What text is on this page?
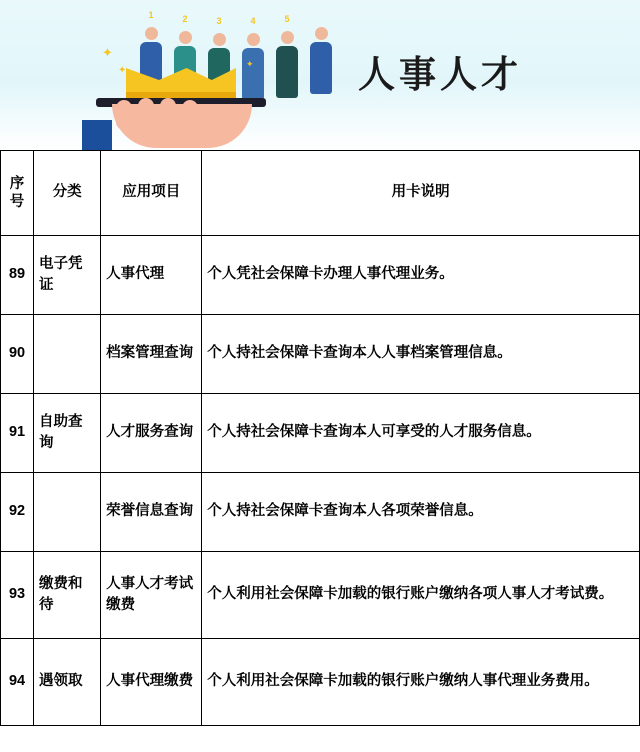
1	2	3	4	5
✦
✦
✦	人事人才
序
号	分类	应用项目	用卡说明
89	电子凭证	人事代理	个人凭社会保障卡办理人事代理业务。
90		档案管理查询	个人持社会保障卡查询本人人事档案管理信息。
91	自助查询	人才服务查询	个人持社会保障卡查询本人可享受的人才服务信息。
92		荣誉信息查询	个人持社会保障卡查询本人各项荣誉信息。
93	缴费和待	人事人才考试缴费	个人利用社会保障卡加载的银行账户缴纳各项人事人才考试费。
94	遇领取	人事代理缴费	个人利用社会保障卡加载的银行账户缴纳人事代理业务费用。
